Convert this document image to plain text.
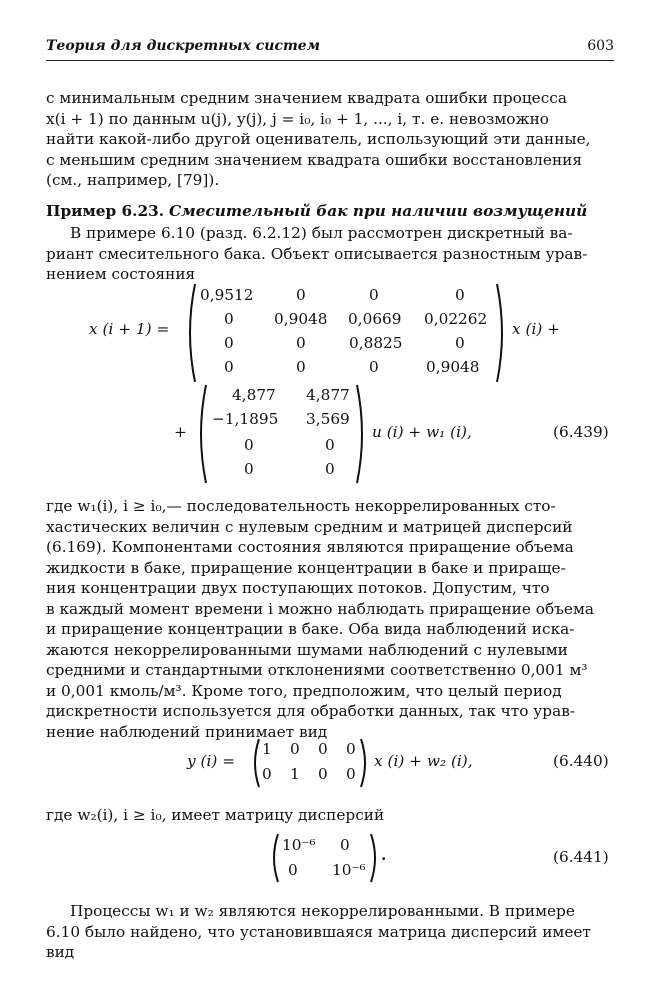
Теория для дискретных систем	603
с минимальным средним значением квадрата ошибки процесса
x(i + 1) по данным u(j), y(j), j = i₀, i₀ + 1, ..., i, т. е. невозможно
найти какой-либо другой оцениватель, использующий эти данные,
с меньшим средним значением квадрата ошибки восстановления
(см., например, [79]).
Пример 6.23. Смесительный бак при наличии возмущений
В примере 6.10 (разд. 6.2.12) был рассмотрен дискретный ва-
риант смесительного бака. Объект описывается разностным урав-
нением состояния
x (i + 1) =
0,9512	0	0	0
0	0,9048 0,0669 0,02262
0	0	0,8825	0
0	0	0	0,9048
x (i) +
+
4,877 4,877
−1,1895 3,569
0	0
0	0
u (i) + w₁ (i),	(6.439)
где w₁(i), i ≥ i₀,— последовательность некоррелированных сто-
хастических величин с нулевым средним и матрицей дисперсий
(6.169). Компонентами состояния являются приращение объема
жидкости в баке, приращение концентрации в баке и прираще-
ния концентрации двух поступающих потоков. Допустим, что
в каждый момент времени i можно наблюдать приращение объема
и приращение концентрации в баке. Оба вида наблюдений иска-
жаются некоррелированными шумами наблюдений с нулевыми
средними и стандартными отклонениями соответственно 0,001 м³
и 0,001 кмоль/м³. Кроме того, предположим, что целый период
дискретности используется для обработки данных, так что урав-
нение наблюдений принимает вид
y (i) =
1 0 0 0
0 1 0 0
x (i) + w₂ (i),	(6.440)
где w₂(i), i ≥ i₀, имеет матрицу дисперсий
10⁻⁶ 0
0 10⁻⁶
.	(6.441)
Процессы w₁ и w₂ являются некоррелированными. В примере
6.10 было найдено, что установившаяся матрица дисперсий имеет
вид
